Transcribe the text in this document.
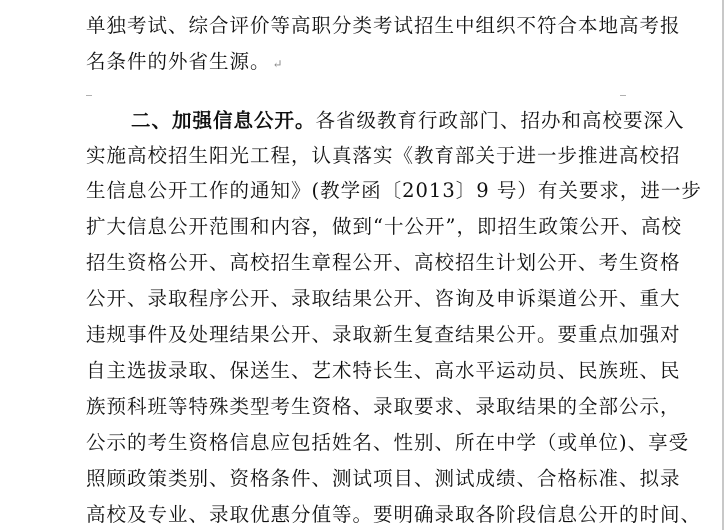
单独考试、综合评价等高职分类考试招生中组织不符合本地高考报
名条件的外省生源。 ↵
二、加强信息公开。各省级教育行政部门、招办和高校要深入
实施高校招生阳光工程，认真落实《教育部关于进一步推进高校招
生信息公开工作的通知》(教学函〔2013〕9 号）有关要求，进一步
扩大信息公开范围和内容，做到“十公开”，即招生政策公开、高校
招生资格公开、高校招生章程公开、高校招生计划公开、考生资格
公开、录取程序公开、录取结果公开、咨询及申诉渠道公开、重大
违规事件及处理结果公开、录取新生复查结果公开。要重点加强对
自主选拔录取、保送生、艺术特长生、高水平运动员、民族班、民
族预科班等特殊类型考生资格、录取要求、录取结果的全部公示，
公示的考生资格信息应包括姓名、性别、所在中学（或单位)、享受
照顾政策类别、资格条件、测试项目、测试成绩、合格标准、拟录
高校及专业、录取优惠分值等。要明确录取各阶段信息公开的时间、
